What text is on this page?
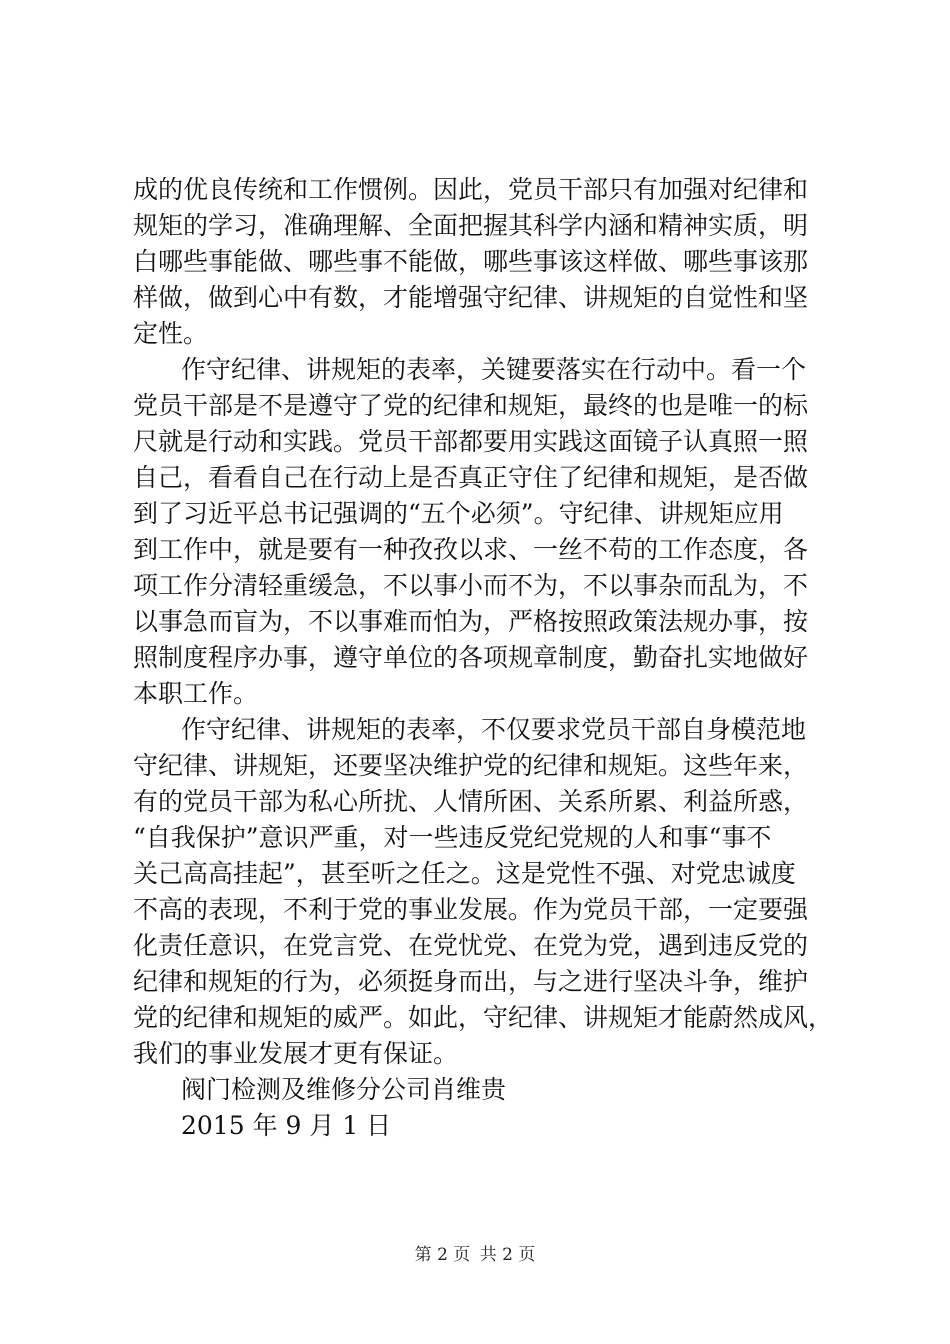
成的优良传统和工作惯例。因此，党员干部只有加强对纪律和
规矩的学习，准确理解、全面把握其科学内涵和精神实质，明
白哪些事能做、哪些事不能做，哪些事该这样做、哪些事该那
样做，做到心中有数，才能增强守纪律、讲规矩的自觉性和坚
定性。
作守纪律、讲规矩的表率，关键要落实在行动中。看一个
党员干部是不是遵守了党的纪律和规矩，最终的也是唯一的标
尺就是行动和实践。党员干部都要用实践这面镜子认真照一照
自己，看看自己在行动上是否真正守住了纪律和规矩，是否做
到了习近平总书记强调的“五个必须”。守纪律、讲规矩应用
到工作中，就是要有一种孜孜以求、一丝不苟的工作态度，各
项工作分清轻重缓急，不以事小而不为，不以事杂而乱为，不
以事急而盲为，不以事难而怕为，严格按照政策法规办事，按
照制度程序办事，遵守单位的各项规章制度，勤奋扎实地做好
本职工作。
作守纪律、讲规矩的表率，不仅要求党员干部自身模范地
守纪律、讲规矩，还要坚决维护党的纪律和规矩。这些年来，
有的党员干部为私心所扰、人情所困、关系所累、利益所惑，
“自我保护”意识严重，对一些违反党纪党规的人和事“事不
关己高高挂起”，甚至听之任之。这是党性不强、对党忠诚度
不高的表现，不利于党的事业发展。作为党员干部，一定要强
化责任意识，在党言党、在党忧党、在党为党，遇到违反党的
纪律和规矩的行为，必须挺身而出，与之进行坚决斗争，维护
党的纪律和规矩的威严。如此，守纪律、讲规矩才能蔚然成风，
我们的事业发展才更有保证。
阀门检测及维修分公司肖维贵
2015 年 9 月 1 日
第 2 页 共 2 页
